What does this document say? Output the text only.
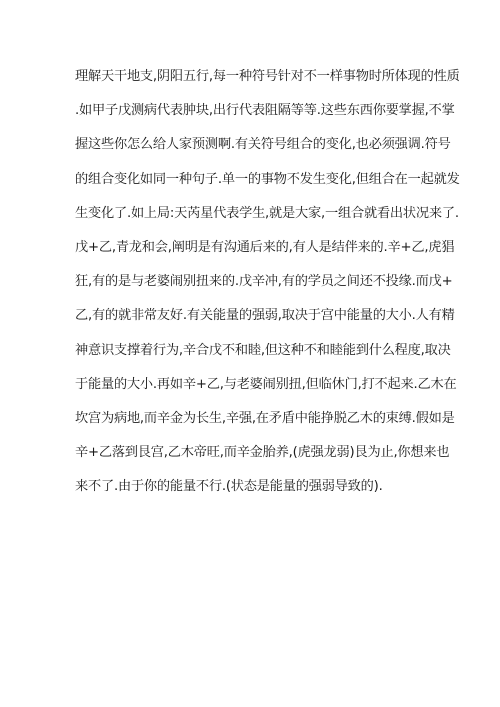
理解天干地支,阴阳五行,每一种符号针对不一样事物时所体现的性质
.如甲子戊测病代表肿块,出行代表阻隔等等.这些东西你要掌握,不掌
握这些你怎么给人家预测啊.有关符号组合的变化,也必须强调.符号
的组合变化如同一种句子.单一的事物不发生变化,但组合在一起就发
生变化了.如上局:天芮星代表学生,就是大家,一组合就看出状况来了.
戊+乙,青龙和会,阐明是有沟通后来的,有人是结伴来的.辛+乙,虎猖
狂,有的是与老婆闹别扭来的.戊辛冲,有的学员之间还不投缘.而戊+
乙,有的就非常友好.有关能量的强弱,取决于宫中能量的大小.人有精
神意识支撑着行为,辛合戊不和睦,但这种不和睦能到什么程度,取决
于能量的大小.再如辛+乙,与老婆闹别扭,但临休门,打不起来.乙木在
坎宫为病地,而辛金为长生,辛强,在矛盾中能挣脱乙木的束缚.假如是
辛+乙落到艮宫,乙木帝旺,而辛金胎养,(虎强龙弱)艮为止,你想来也
来不了.由于你的能量不行.(状态是能量的强弱导致的).
